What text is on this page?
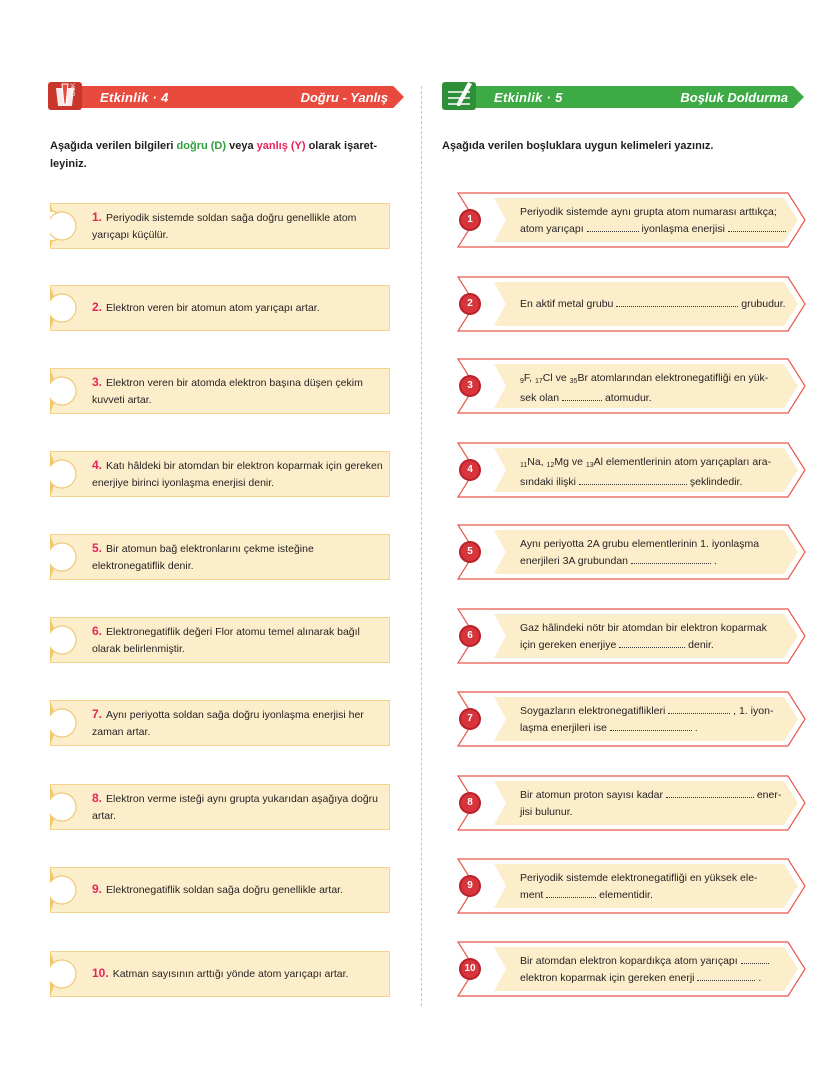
DOK
Etkinlik · 4	Doğru - Yanlış
Aşağıda verilen bilgileri doğru (D) veya yanlış (Y) olarak işaret-
leyiniz.
1. Periyodik sistemde soldan sağa doğru genellikle atom yarıçapı küçülür.
2. Elektron veren bir atomun atom yarıçapı artar.
3. Elektron veren bir atomda elektron başına düşen çekim kuvveti artar.
4. Katı hâldeki bir atomdan bir elektron koparmak için gereken enerjiye birinci iyonlaşma enerjisi denir.
5. Bir atomun bağ elektronlarını çekme isteğine elektronegatiflik denir.
6. Elektronegatiflik değeri Flor atomu temel alınarak bağıl olarak belirlenmiştir.
7. Aynı periyotta soldan sağa doğru iyonlaşma enerjisi her zaman artar.
8. Elektron verme isteği aynı grupta yukarıdan aşağıya doğru artar.
9. Elektronegatiflik soldan sağa doğru genellikle artar.
10. Katman sayısının arttığı yönde atom yarıçapı artar.
Etkinlik · 5	Boşluk Doldurma
Aşağıda verilen boşluklara uygun kelimeleri yazınız.
1
Periyodik sistemde aynı grupta atom numarası arttıkça;
atom yarıçapı	iyonlaşma enerjisi	.
2	En aktif metal grubu	grubudur.
3	$_9$F, $_{17}$Cl ve $_{35}$Br atomlarından elektronegatifliği en yük-
sek olan	atomudur.
4	$_{11}$Na, $_{12}$Mg ve $_{13}$Al elementlerinin atom yarıçapları ara-
sındaki ilişki	şeklindedir.
5
Aynı periyotta 2A grubu elementlerinin 1. iyonlaşma
enerjileri 3A grubundan	.
6
Gaz hâlindeki nötr bir atomdan bir elektron koparmak
için gereken enerjiye	denir.
7
Soygazların elektronegatiflikleri	, 1. iyon-
laşma enerjileri ise	.
8
Bir atomun proton sayısı kadar	ener-
jisi bulunur.
9
Periyodik sistemde elektronegatifliği en yüksek ele-
ment	elementidir.
10
Bir atomdan elektron kopardıkça atom yarıçapı
elektron koparmak için gereken enerji	.
